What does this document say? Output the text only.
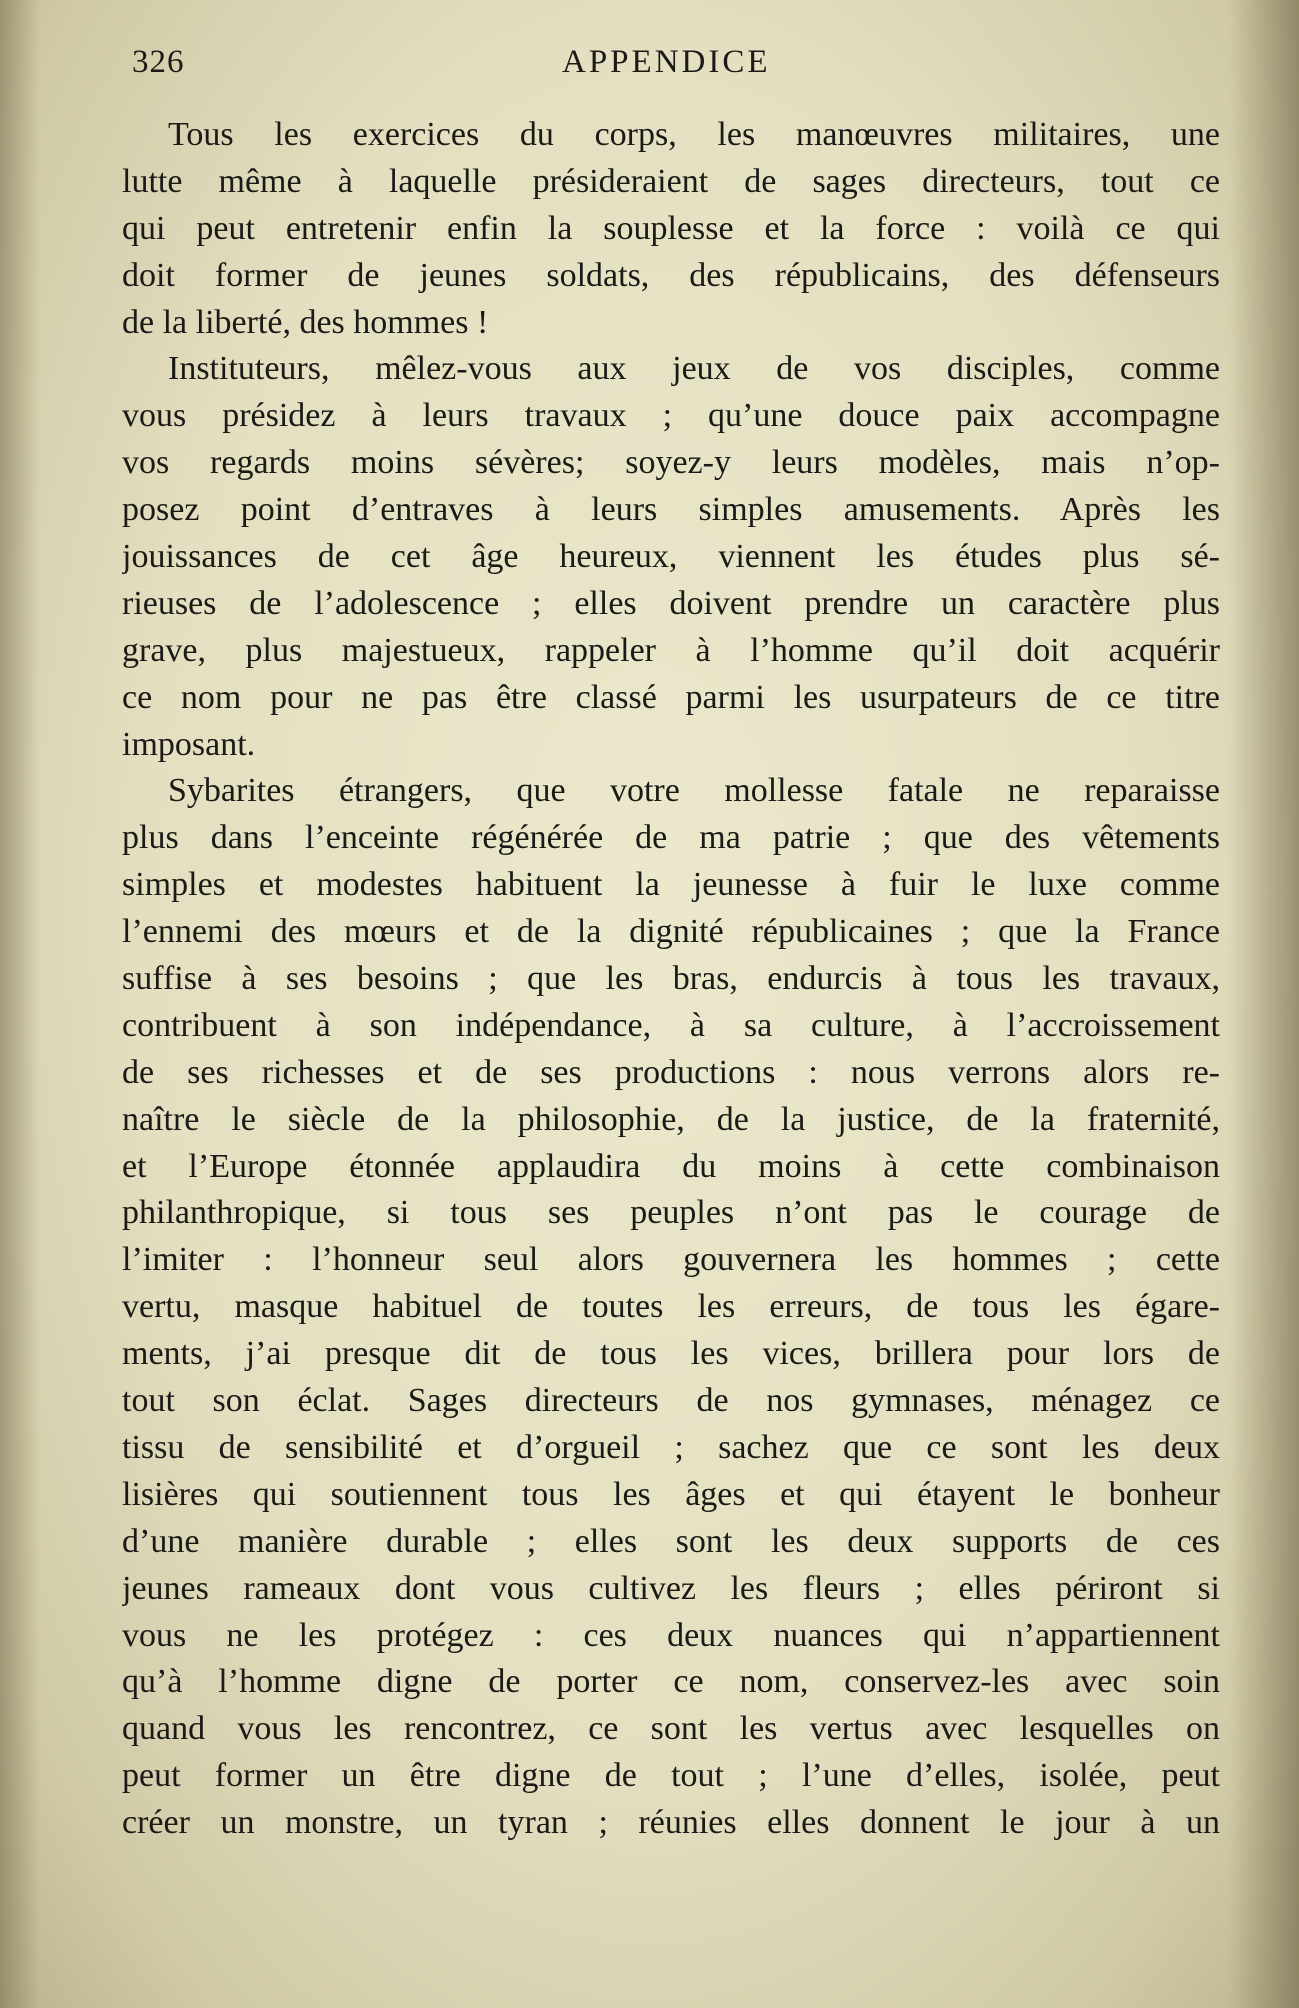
326	APPENDICE
Tous les exercices du corps, les manœuvres militaires, une
lutte même à laquelle présideraient de sages directeurs, tout ce
qui peut entretenir enfin la souplesse et la force : voilà ce qui
doit former de jeunes soldats, des républicains, des défenseurs
de la liberté, des hommes !
Instituteurs, mêlez-vous aux jeux de vos disciples, comme
vous présidez à leurs travaux ; qu’une douce paix accompagne
vos regards moins sévères; soyez-y leurs modèles, mais n’op-
posez point d’entraves à leurs simples amusements. Après les
jouissances de cet âge heureux, viennent les études plus sé-
rieuses de l’adolescence ; elles doivent prendre un caractère plus
grave, plus majestueux, rappeler à l’homme qu’il doit acquérir
ce nom pour ne pas être classé parmi les usurpateurs de ce titre
imposant.
Sybarites étrangers, que votre mollesse fatale ne reparaisse
plus dans l’enceinte régénérée de ma patrie ; que des vêtements
simples et modestes habituent la jeunesse à fuir le luxe comme
l’ennemi des mœurs et de la dignité républicaines ; que la France
suffise à ses besoins ; que les bras, endurcis à tous les travaux,
contribuent à son indépendance, à sa culture, à l’accroissement
de ses richesses et de ses productions : nous verrons alors re-
naître le siècle de la philosophie, de la justice, de la fraternité,
et l’Europe étonnée applaudira du moins à cette combinaison
philanthropique, si tous ses peuples n’ont pas le courage de
l’imiter : l’honneur seul alors gouvernera les hommes ; cette
vertu, masque habituel de toutes les erreurs, de tous les égare-
ments, j’ai presque dit de tous les vices, brillera pour lors de
tout son éclat. Sages directeurs de nos gymnases, ménagez ce
tissu de sensibilité et d’orgueil ; sachez que ce sont les deux
lisières qui soutiennent tous les âges et qui étayent le bonheur
d’une manière durable ; elles sont les deux supports de ces
jeunes rameaux dont vous cultivez les fleurs ; elles périront si
vous ne les protégez : ces deux nuances qui n’appartiennent
qu’à l’homme digne de porter ce nom, conservez-les avec soin
quand vous les rencontrez, ce sont les vertus avec lesquelles on
peut former un être digne de tout ; l’une d’elles, isolée, peut
créer un monstre, un tyran ; réunies elles donnent le jour à un
